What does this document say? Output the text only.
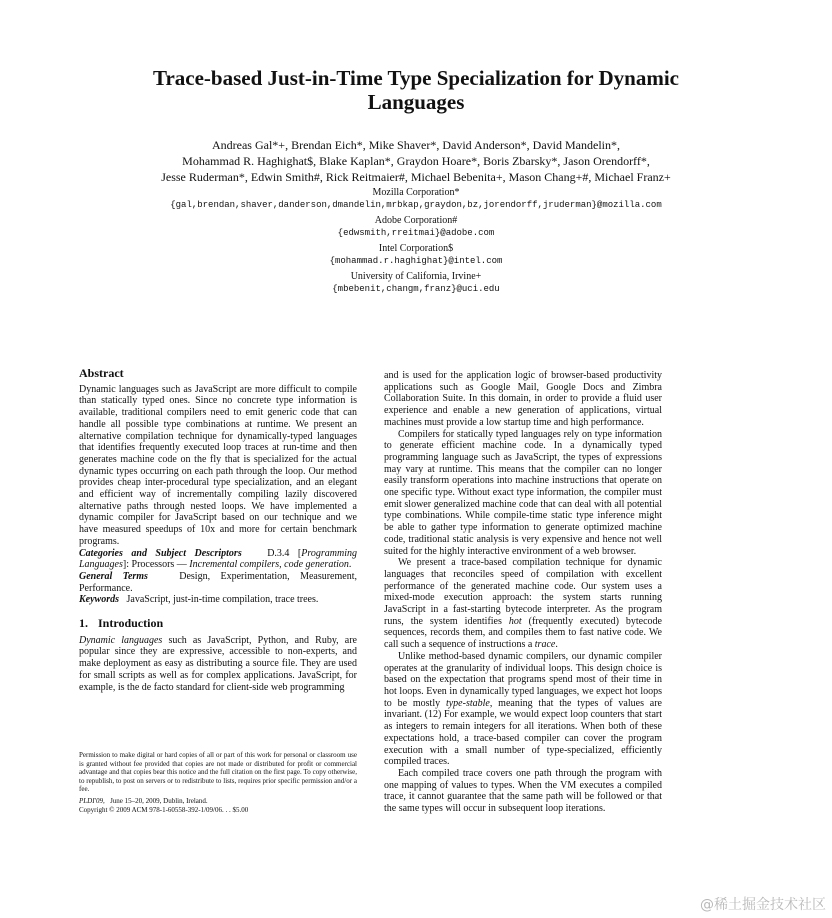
Trace-based Just-in-Time Type Specialization for Dynamic
Languages
Andreas Gal*+, Brendan Eich*, Mike Shaver*, David Anderson*, David Mandelin*,
Mohammad R. Haghighat$, Blake Kaplan*, Graydon Hoare*, Boris Zbarsky*, Jason Orendorff*,
Jesse Ruderman*, Edwin Smith#, Rick Reitmaier#, Michael Bebenita+, Mason Chang+#, Michael Franz+
Mozilla Corporation*
{gal,brendan,shaver,danderson,dmandelin,mrbkap,graydon,bz,jorendorff,jruderman}@mozilla.com
Adobe Corporation#
{edwsmith,rreitmai}@adobe.com
Intel Corporation$
{mohammad.r.haghighat}@intel.com
University of California, Irvine+
{mbebenit,changm,franz}@uci.edu
Abstract

Dynamic languages such as JavaScript are more difficult to compile than statically typed ones. Since no concrete type information is available, traditional compilers need to emit generic code that can handle all possible type combinations at runtime. We present an alternative compilation technique for dynamically-typed languages that identifies frequently executed loop traces at run-time and then generates machine code on the fly that is specialized for the actual dynamic types occurring on each path through the loop. Our method provides cheap inter-procedural type specialization, and an elegant and efficient way of incrementally compiling lazily discovered alternative paths through nested loops. We have implemented a dynamic compiler for JavaScript based on our technique and we have measured speedups of 10x and more for certain benchmark programs.

Categories and Subject Descriptors	D.3.4 [Programming Languages]: Processors — Incremental compilers, code generation.

General Terms	Design, Experimentation, Measurement, Performance.

Keywords JavaScript, just-in-time compilation, trace trees.

1. Introduction

Dynamic languages such as JavaScript, Python, and Ruby, are popular since they are expressive, accessible to non-experts, and make deployment as easy as distributing a source file. They are used for small scripts as well as for complex applications. JavaScript, for example, is the de facto standard for client-side web programming

Permission to make digital or hard copies of all or part of this work for personal or classroom use is granted without fee provided that copies are not made or distributed for profit or commercial advantage and that copies bear this notice and the full citation on the first page. To copy otherwise, to republish, to post on servers or to redistribute to lists, requires prior specific permission and/or a fee.

PLDI'09, June 15–20, 2009, Dublin, Ireland.

Copyright © 2009 ACM 978-1-60558-392-1/09/06. . . $5.00

and is used for the application logic of browser-based productivity applications such as Google Mail, Google Docs and Zimbra Collaboration Suite. In this domain, in order to provide a fluid user experience and enable a new generation of applications, virtual machines must provide a low startup time and high performance.

Compilers for statically typed languages rely on type information to generate efficient machine code. In a dynamically typed programming language such as JavaScript, the types of expressions may vary at runtime. This means that the compiler can no longer easily transform operations into machine instructions that operate on one specific type. Without exact type information, the compiler must emit slower generalized machine code that can deal with all potential type combinations. While compile-time static type inference might be able to gather type information to generate optimized machine code, traditional static analysis is very expensive and hence not well suited for the highly interactive environment of a web browser.

We present a trace-based compilation technique for dynamic languages that reconciles speed of compilation with excellent performance of the generated machine code. Our system uses a mixed-mode execution approach: the system starts running JavaScript in a fast-starting bytecode interpreter. As the program runs, the system identifies hot (frequently executed) bytecode sequences, records them, and compiles them to fast native code. We call such a sequence of instructions a trace.

Unlike method-based dynamic compilers, our dynamic compiler operates at the granularity of individual loops. This design choice is based on the expectation that programs spend most of their time in hot loops. Even in dynamically typed languages, we expect hot loops to be mostly type-stable, meaning that the types of values are invariant. (12) For example, we would expect loop counters that start as integers to remain integers for all iterations. When both of these expectations hold, a trace-based compiler can cover the program execution with a small number of type-specialized, efficiently compiled traces.

Each compiled trace covers one path through the program with one mapping of values to types. When the VM executes a compiled trace, it cannot guarantee that the same path will be followed or that the same types will occur in subsequent loop iterations.

@稀土掘金技术社区
